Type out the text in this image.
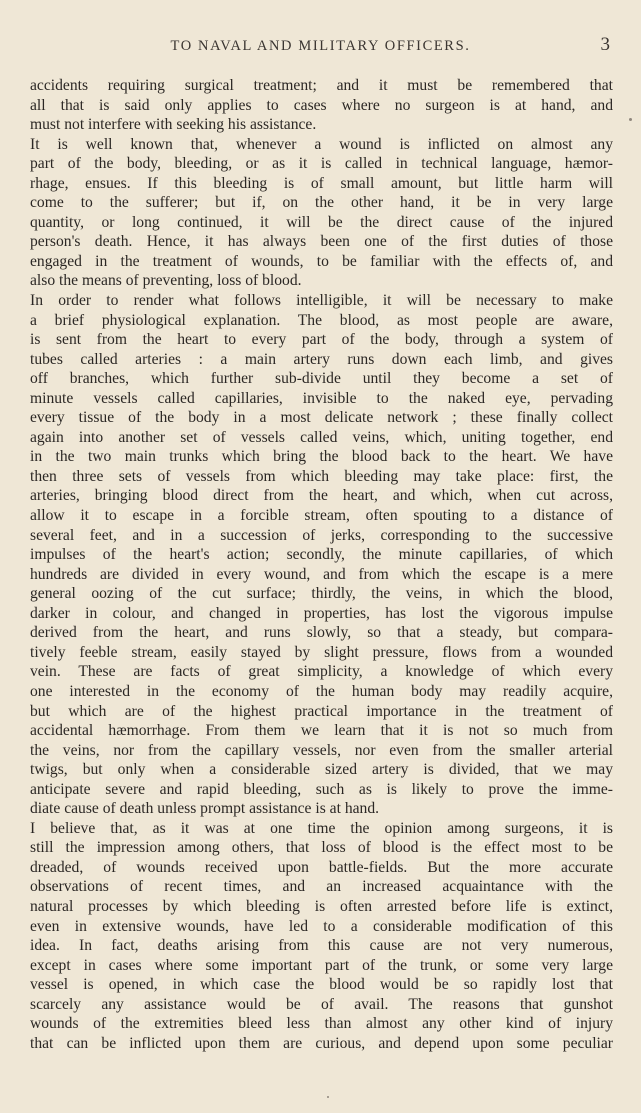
TO NAVAL AND MILITARY OFFICERS.	3
accidents requiring surgical treatment; and it must be remembered that
all that is said only applies to cases where no surgeon is at hand, and
must not interfere with seeking his assistance.
It is well known that, whenever a wound is inflicted on almost any
part of the body, bleeding, or as it is called in technical language, hæmor-
rhage, ensues. If this bleeding is of small amount, but little harm will
come to the sufferer; but if, on the other hand, it be in very large
quantity, or long continued, it will be the direct cause of the injured
person's death. Hence, it has always been one of the first duties of those
engaged in the treatment of wounds, to be familiar with the effects of, and
also the means of preventing, loss of blood.
In order to render what follows intelligible, it will be necessary to make
a brief physiological explanation. The blood, as most people are aware,
is sent from the heart to every part of the body, through a system of
tubes called arteries : a main artery runs down each limb, and gives
off branches, which further sub-divide until they become a set of
minute vessels called capillaries, invisible to the naked eye, pervading
every tissue of the body in a most delicate network ; these finally collect
again into another set of vessels called veins, which, uniting together, end
in the two main trunks which bring the blood back to the heart. We have
then three sets of vessels from which bleeding may take place: first, the
arteries, bringing blood direct from the heart, and which, when cut across,
allow it to escape in a forcible stream, often spouting to a distance of
several feet, and in a succession of jerks, corresponding to the successive
impulses of the heart's action; secondly, the minute capillaries, of which
hundreds are divided in every wound, and from which the escape is a mere
general oozing of the cut surface; thirdly, the veins, in which the blood,
darker in colour, and changed in properties, has lost the vigorous impulse
derived from the heart, and runs slowly, so that a steady, but compara-
tively feeble stream, easily stayed by slight pressure, flows from a wounded
vein. These are facts of great simplicity, a knowledge of which every
one interested in the economy of the human body may readily acquire,
but which are of the highest practical importance in the treatment of
accidental hæmorrhage. From them we learn that it is not so much from
the veins, nor from the capillary vessels, nor even from the smaller arterial
twigs, but only when a considerable sized artery is divided, that we may
anticipate severe and rapid bleeding, such as is likely to prove the imme-
diate cause of death unless prompt assistance is at hand.
I believe that, as it was at one time the opinion among surgeons, it is
still the impression among others, that loss of blood is the effect most to be
dreaded, of wounds received upon battle-fields. But the more accurate
observations of recent times, and an increased acquaintance with the
natural processes by which bleeding is often arrested before life is extinct,
even in extensive wounds, have led to a considerable modification of this
idea. In fact, deaths arising from this cause are not very numerous,
except in cases where some important part of the trunk, or some very large
vessel is opened, in which case the blood would be so rapidly lost that
scarcely any assistance would be of avail. The reasons that gunshot
wounds of the extremities bleed less than almost any other kind of injury
that can be inflicted upon them are curious, and depend upon some peculiar
